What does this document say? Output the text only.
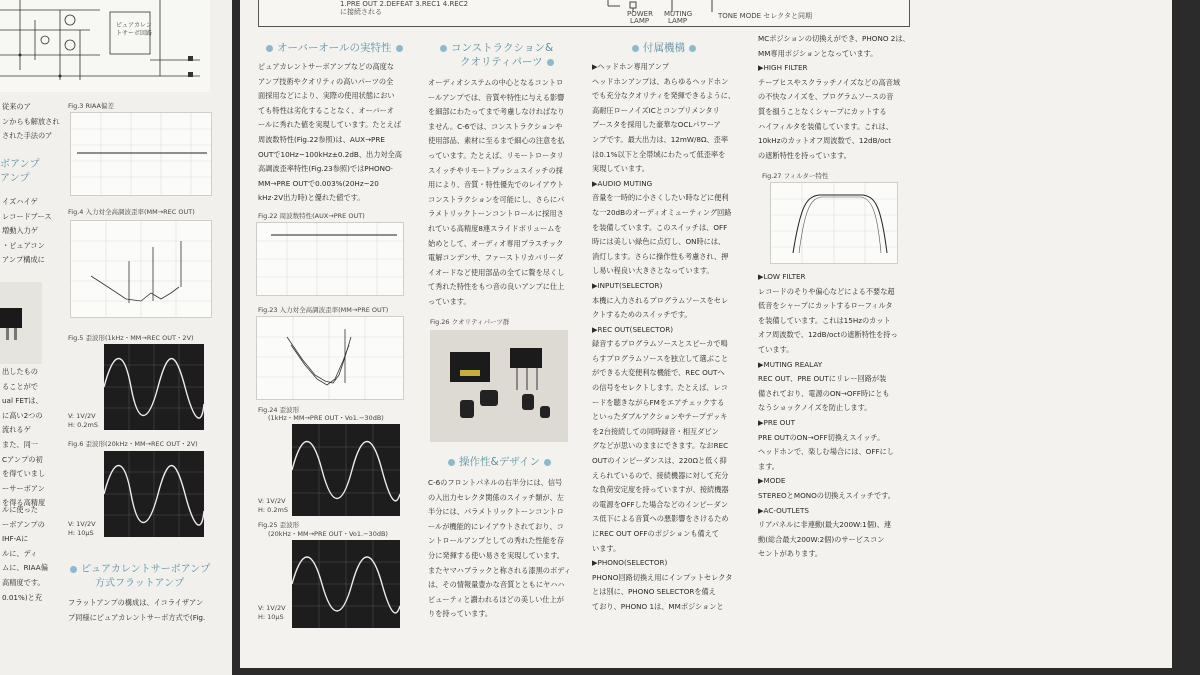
1.PRE OUT 2.DEFEAT 3.REC1 4.REC2
に接続される	POWER
LAMP
MUTING
LAMP
TONE MODE セレクタと同期
ピュアカレントサーボ回路
従来のア
ンからも解放され
された手法のア
ボアンプ
アンプ
イズハイゲ
レコードブース
増動入力ゲ
・ピュアコン
アンプ構成に
出したもの
ることがで
ual FETは、
に高い2つの
流れるゲ
また、同一
Cアンプの初
を得ていまし
ーサーボアン
を得る高精度
ルに使った
ーボアンプの
IHF-Aに
ルに、ディ
ムに、RIAA偏
高精度です。
0.01%)と充
Fig.3 RIAA偏差
Fig.4 入力対全高調波歪率(MM→REC OUT)
Fig.5 歪波形(1kHz・MM→REC OUT・2V)
V: 1V/2V
H: 0.2mS
Fig.6 歪波形(20kHz・MM→REC OUT・2V)
V: 1V/2V
H: 10μS
ピュアカレントサーボアンプ
方式フラットアンプ
フラットアンプの構成は、イコライザアン
プ同様にピュアカレントサーボ方式で(Fig.
オーバーオールの実特性
ピュアカレントサーボアンプなどの高度な
アンプ技術やクオリティの高いパーツの全
面採用などにより、実際の使用状態におい
ても特性は劣化することなく、オーバーオ
ールに秀れた値を実現しています。たとえば
周波数特性(Fig.22参照)は、AUX→PRE
OUTで10Hz~100kHz±0.2dB、出力対全高
高調波歪率特性(Fig.23参照)ではPHONO·
MM→PRE OUTで0.003%(20Hz~20
kHz·2V出力時)と優れた値です。
Fig.22 周波数特性(AUX→PRE OUT)
Fig.23 入力対全高調波歪率(MM→PRE OUT)
Fig.24 歪波形
(1kHz・MM→PRE OUT・Vo1.−30dB)
V: 1V/2V
H: 0.2mS
Fig.25 歪波形
(20kHz・MM→PRE OUT・Vo1.−30dB)
V: 1V/2V
H: 10μS
コンストラクション&
クオリティパーツ
オーディオシステムの中心となるコントロ
ールアンプでは、音質や特性に与える影響
を細部にわたってまで考慮しなければなり
ません。C-6では、コンストラクションや
使用部品、素材に至るまで細心の注意を払
っています。たとえば、リモートロータリ
スイッチやリモートプッシュスイッチの採
用により、音質・特性優先でのレイアウト
コンストラクションを可能にし、さらにパ
ラメトリックトーンコントロールに採用さ
れている高精度8連スライドボリュームを
始めとして、オーディオ専用プラスチック
電解コンデンサ、ファーストリカバリーダ
イオードなど使用部品の全てに贅を尽くし
て秀れた特性をもつ音の良いアンプに仕上
っています。
Fig.26 クオリティパーツ群
操作性&デザイン
C-6のフロントパネルの右半分には、信号
の入出力セレクタ関係のスイッチ類が、左
半分には、パラメトリックトーンコントロ
ールが機能的にレイアウトされており、コ
ントロールアンプとしての秀れた性能を存
分に発揮する使い易さを実現しています。
またヤマハブラックと称される漆黒のボディ
は、その情報量豊かな音質とともにヤハハ
ビューティと讃われるほどの美しい仕上が
りを持っています。
付属機構
▶ヘッドホン専用アンプ
ヘッドホンアンプは、あらゆるヘッドホン
でも充分なクオリティを発揮できるように、
高耐圧ローノイズICとコンプリメンタリ
プースタを採用した豪華なOCLパワーア
ンプです。最大出力は、12mW/8Ω、歪率
は0.1%以下と全帯域にわたって低歪率を
実現しています。
▶AUDIO MUTING
音量を一時的に小さくしたい時などに便利
な一20dBのオーディオミューティング回路
を装備しています。このスイッチは、OFF
時には美しい緑色に点灯し、ON時には、
消灯します。さらに操作性も考慮され、押
し易い程良い大きさとなっています。
▶INPUT(SELECTOR)
本機に入力されるプログラムソースをセレ
クトするためのスイッチです。
▶REC OUT(SELECTOR)
録音するプログラムソースとスピーカで鳴
らすプログラムソースを独立して選ぶこと
ができる大変便利な機能で、REC OUTへ
の信号をセレクトします。たとえば、レコ
ードを聴きながらFMをエアチェックする
といったダブルアクションやテープデッキ
を2台接続しての同時録音・相互ダビン
グなどが思いのままにできます。なおREC
OUTのインピーダンスは、220Ωと低く抑
えられているので、接続機器に対して充分
な負荷安定度を持っていますが、接続機器
の電源をOFFした場合などのインピーダン
ス低下による音質への悪影響をさけるため
にREC OUT OFFのポジションも備えて
います。
▶PHONO(SELECTOR)
PHONO回路切換え用にインプットセレクタ
とは別に、PHONO SELECTORを備え
ており、PHONO 1は、MMポジションと
MCポジションの切換えができ、PHONO 2は、
MM専用ポジションとなっています。
▶HIGH FILTER
テープヒスやスクラッチノイズなどの高音域
の不快なノイズを、プログラムソースの音
質を損うことなくシャープにカットする
ハイフィルタを装備しています。これは、
10kHzのカットオフ周波数で、12dB/oct
の遮断特性を持っています。
Fig.27 フィルター特性
▶LOW FILTER
レコードのそりや偏心などによる不要な超
低音をシャープにカットするローフィルタ
を装備しています。これは15Hzのカット
オフ周波数で、12dB/octの遮断特性を持っ
ています。
▶MUTING REALAY
REC OUT、PRE OUTにリレー回路が装
備されており、電源のON→OFF時にとも
なうショックノイズを防止します。
▶PRE OUT
PRE OUTのON→OFF切換えスイッチ。
ヘッドホンで、楽しむ場合には、OFFにし
ます。
▶MODE
STEREOとMONOの切換えスイッチです。
▶AC-OUTLETS
リアパネルに非連動(最大200W:1個)、連
動(総合最大200W:2個)のサービスコン
セントがあります。
